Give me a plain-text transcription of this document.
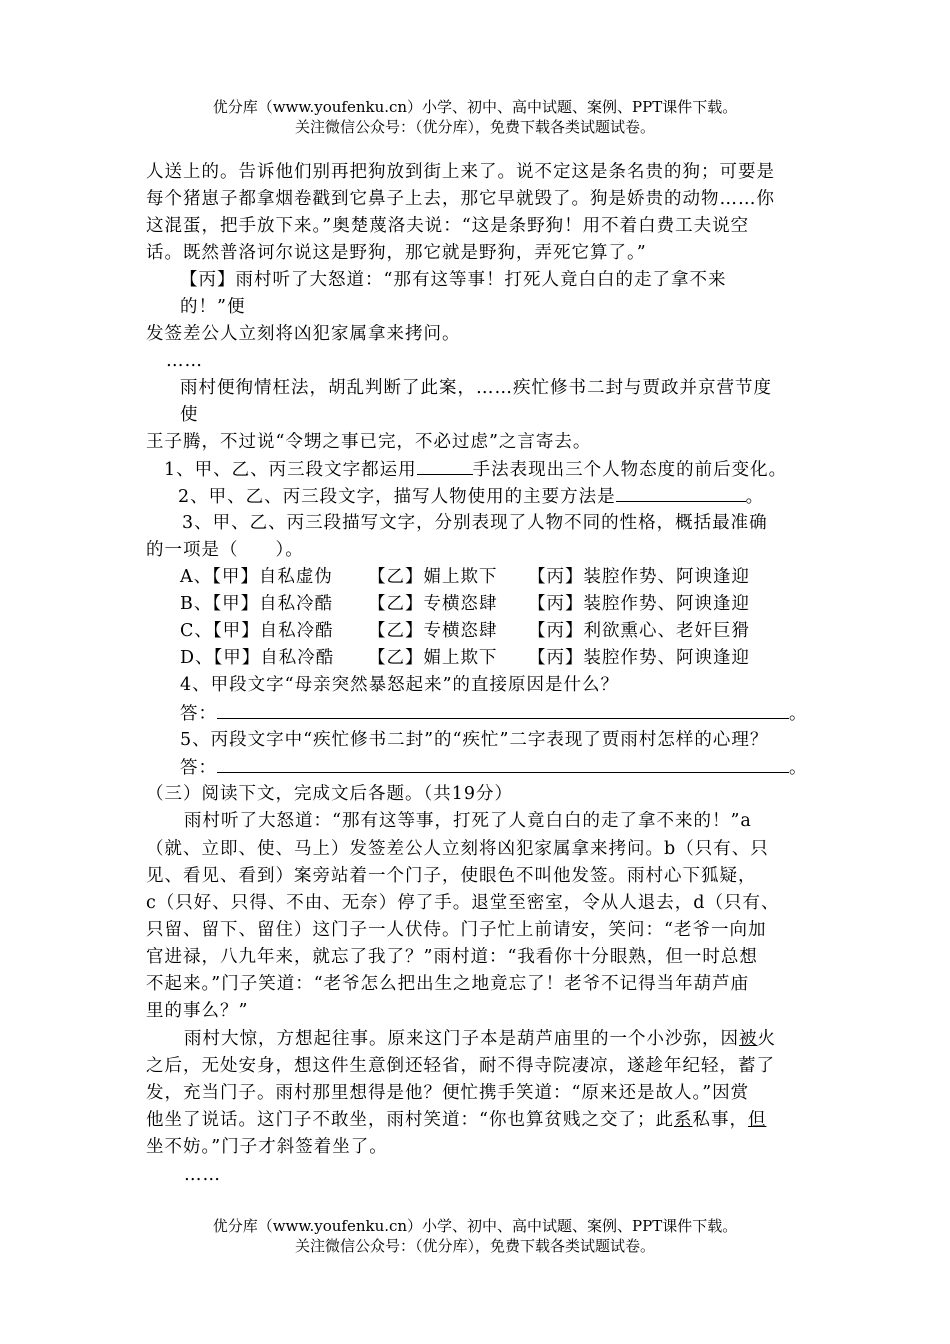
优分库（www.youfenku.cn）小学、初中、高中试题、案例、PPT课件下载。
关注微信公众号：（优分库），免费下载各类试题试卷。
人送上的。告诉他们别再把狗放到街上来了。说不定这是条名贵的狗；可要是
每个猪崽子都拿烟卷戳到它鼻子上去，那它早就毁了。狗是娇贵的动物……你
这混蛋，把手放下来。”奥楚蔑洛夫说：“这是条野狗！用不着白费工夫说空
话。既然普洛诃尔说这是野狗，那它就是野狗，弄死它算了。”
【丙】雨村听了大怒道：“那有这等事！打死人竟白白的走了拿不来
的！”便
发签差公人立刻将凶犯家属拿来拷问。
……
雨村便徇情枉法，胡乱判断了此案，……疾忙修书二封与贾政并京营节度
使
王子腾，不过说“令甥之事已完，不必过虑”之言寄去。
1、甲、乙、丙三段文字都运用	手法表现出三个人物态度的前后变化。
2、甲、乙、丙三段文字，描写人物使用的主要方法是	。
3、甲、乙、丙三段描写文字，分别表现了人物不同的性格，概括最准确
的一项是（　　）。
A、【甲】自私虚伪 【乙】媚上欺下 【丙】装腔作势、阿谀逢迎
B、【甲】自私冷酷 【乙】专横恣肆 【丙】装腔作势、阿谀逢迎
C、【甲】自私冷酷 【乙】专横恣肆 【丙】利欲熏心、老奸巨猾
D、【甲】自私冷酷 【乙】媚上欺下 【丙】装腔作势、阿谀逢迎
4、甲段文字“母亲突然暴怒起来”的直接原因是什么？
答：	。
5、丙段文字中“疾忙修书二封”的“疾忙”二字表现了贾雨村怎样的心理？
答：	。
（三）阅读下文，完成文后各题。（共19分）
雨村听了大怒道：“那有这等事，打死了人竟白白的走了拿不来的！”a
（就、立即、使、马上）发签差公人立刻将凶犯家属拿来拷问。b（只有、只
见、看见、看到）案旁站着一个门子，使眼色不叫他发签。雨村心下狐疑，
c（只好、只得、不由、无奈）停了手。退堂至密室，令从人退去，d（只有、
只留、留下、留住）这门子一人伏侍。门子忙上前请安，笑问：“老爷一向加
官进禄，八九年来，就忘了我了？”雨村道：“我看你十分眼熟，但一时总想
不起来。”门子笑道：“老爷怎么把出生之地竟忘了！老爷不记得当年葫芦庙
里的事么？”
雨村大惊，方想起往事。原来这门子本是葫芦庙里的一个小沙弥，因被火
之后，无处安身，想这件生意倒还轻省，耐不得寺院凄凉，遂趁年纪轻，蓄了
发，充当门子。雨村那里想得是他？便忙携手笑道：“原来还是故人。”因赏
他坐了说话。这门子不敢坐，雨村笑道：“你也算贫贱之交了；此系私事，但
坐不妨。”门子才斜签着坐了。
……
优分库（www.youfenku.cn）小学、初中、高中试题、案例、PPT课件下载。
关注微信公众号：（优分库），免费下载各类试题试卷。
